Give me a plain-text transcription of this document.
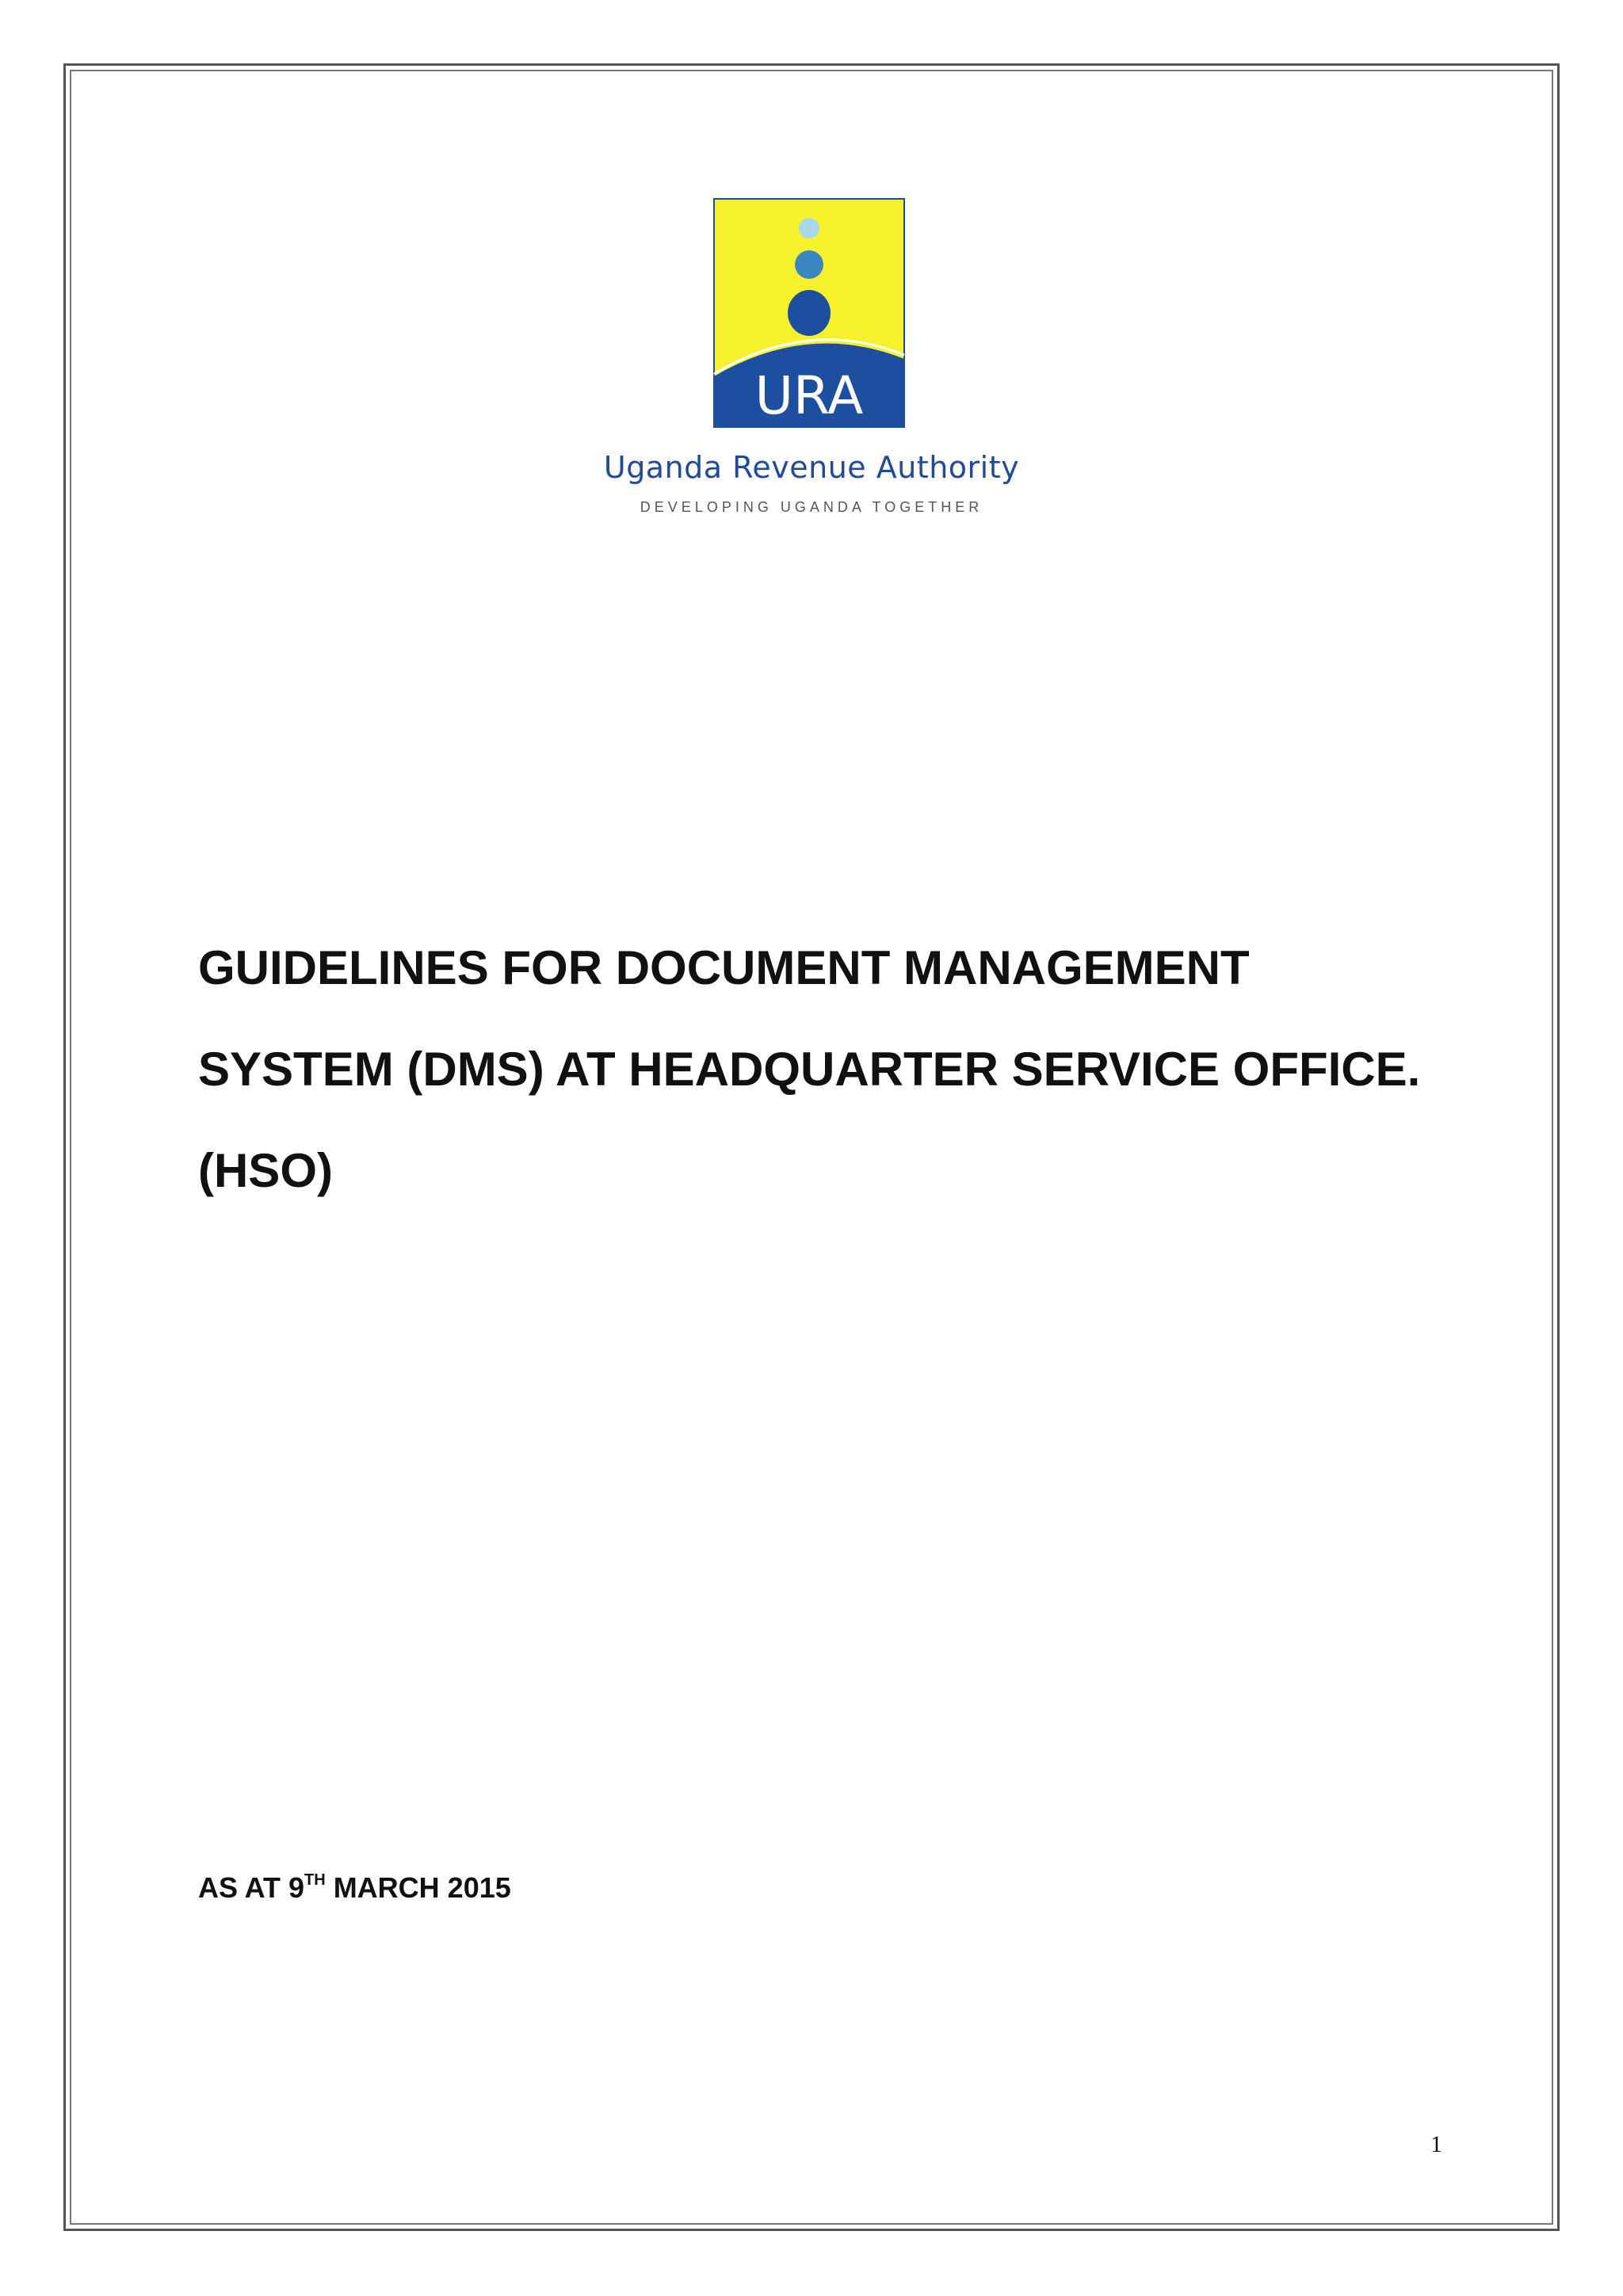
URA
Uganda Revenue Authority
DEVELOPING UGANDA TOGETHER
GUIDELINES FOR DOCUMENT MANAGEMENT SYSTEM (DMS) AT HEADQUARTER SERVICE OFFICE.(HSO)
AS AT 9TH MARCH 2015
1
